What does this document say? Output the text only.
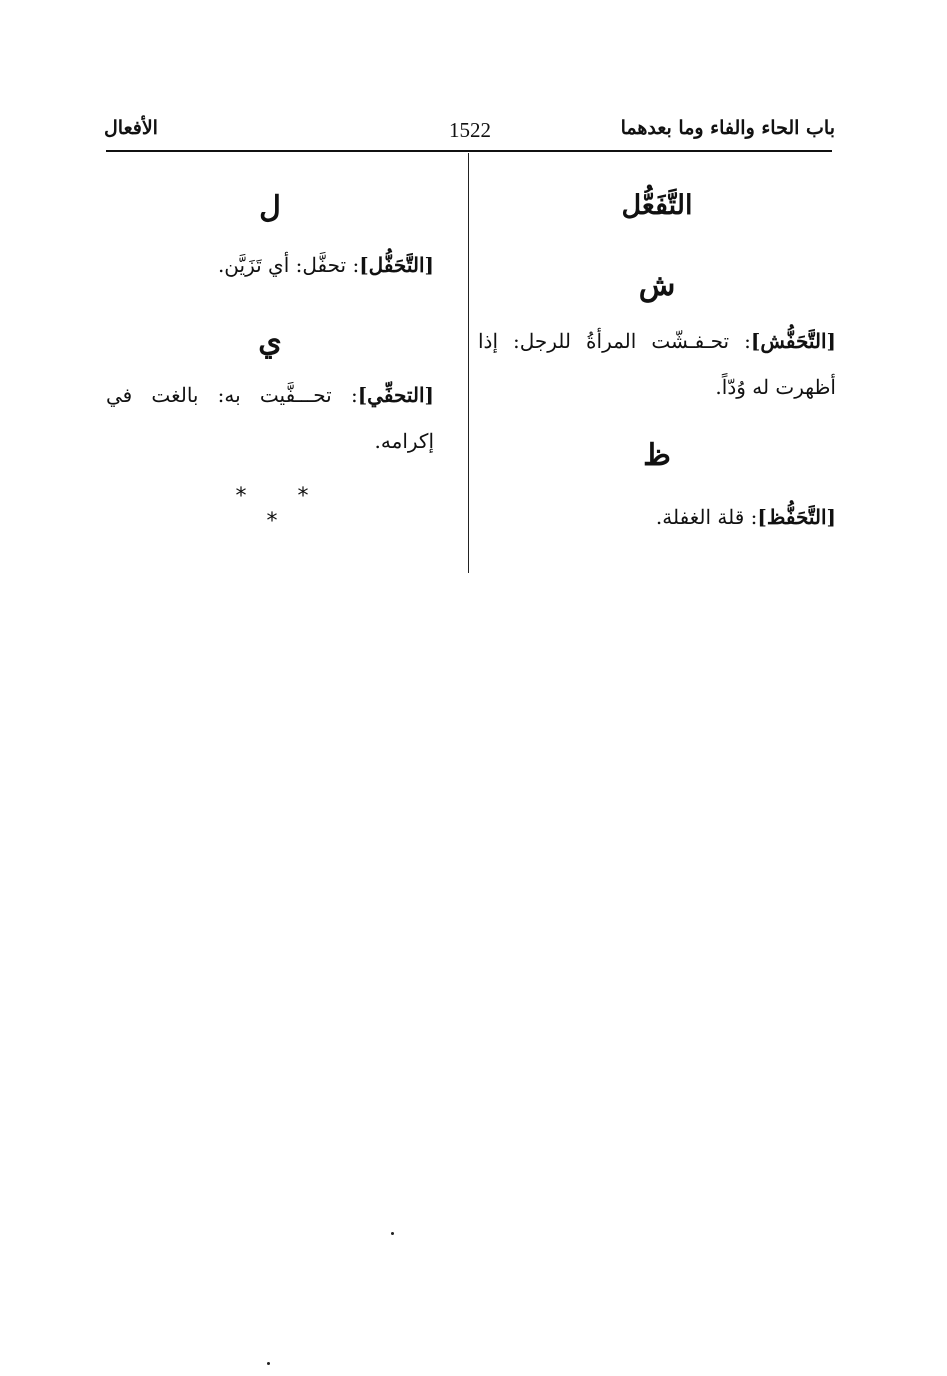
باب الحاء والفاء وما بعدهما
1522
الأفعال
التَّفَعُّل
ش
[التَّحَفُّش]: تحـفـشّت المرأةُ للرجل: إذا أظهرت له وُدّاً.
ظ
[التَّحَفُّظ]: قلة الغفلة.
ل
[التَّحَفُّل]: تحفَّل: أي تَزَيَّن.
ي
[التحفِّي]: تحـــفَّيت به: بالغت في إكرامه.
* * *
